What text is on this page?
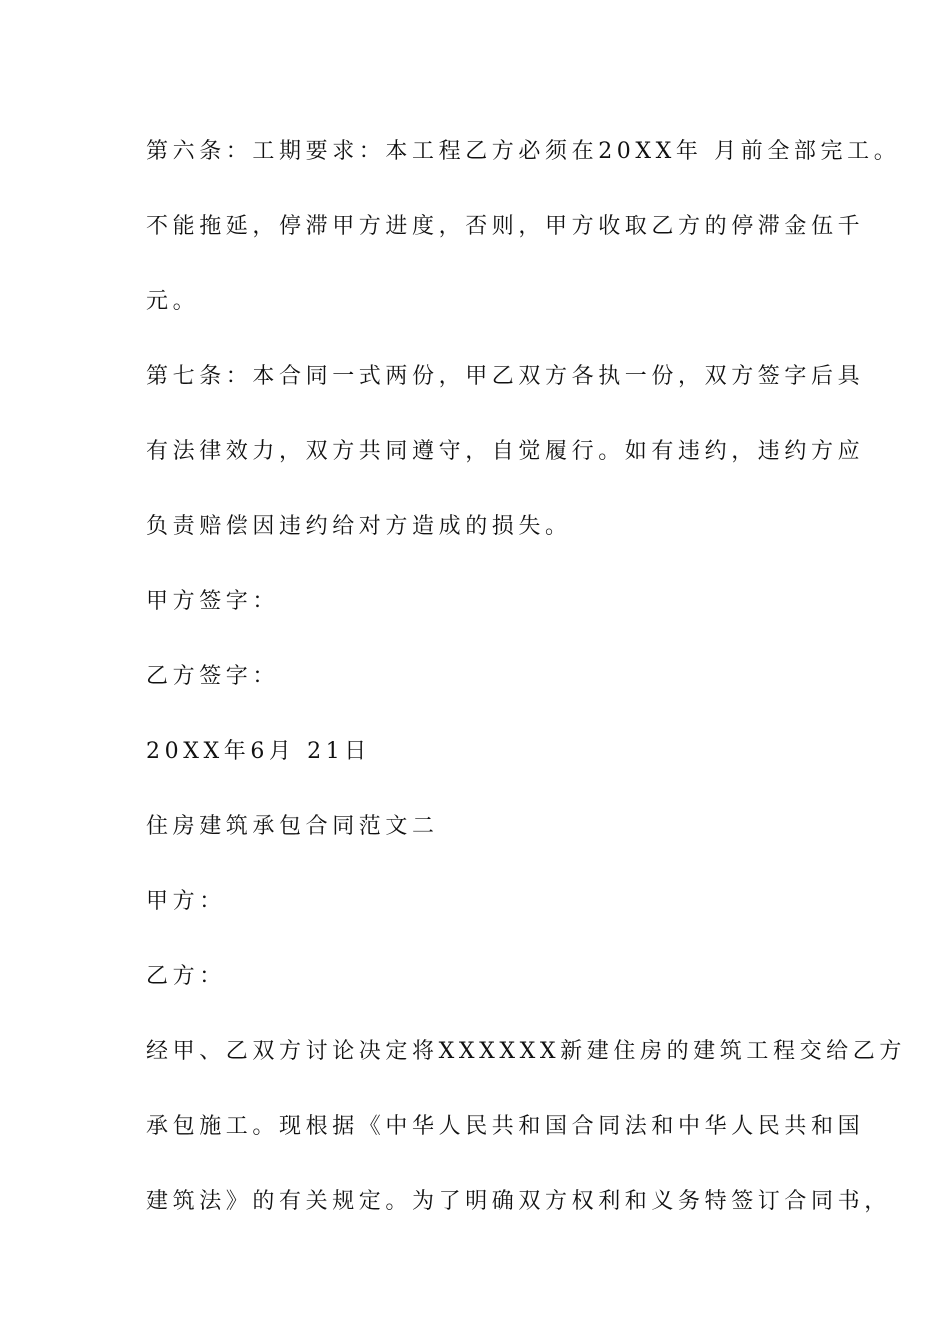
第六条：工期要求：本工程乙方必须在20XX年 月前全部完工。
不能拖延，停滞甲方进度，否则，甲方收取乙方的停滞金伍千
元。
第七条：本合同一式两份，甲乙双方各执一份，双方签字后具
有法律效力，双方共同遵守，自觉履行。如有违约，违约方应
负责赔偿因违约给对方造成的损失。
甲方签字：
乙方签字：
20XX年6月 21日
住房建筑承包合同范文二
甲方：
乙方：
经甲、乙双方讨论决定将XXXXXX新建住房的建筑工程交给乙方
承包施工。现根据《中华人民共和国合同法和中华人民共和国
建筑法》的有关规定。为了明确双方权利和义务特签订合同书，
